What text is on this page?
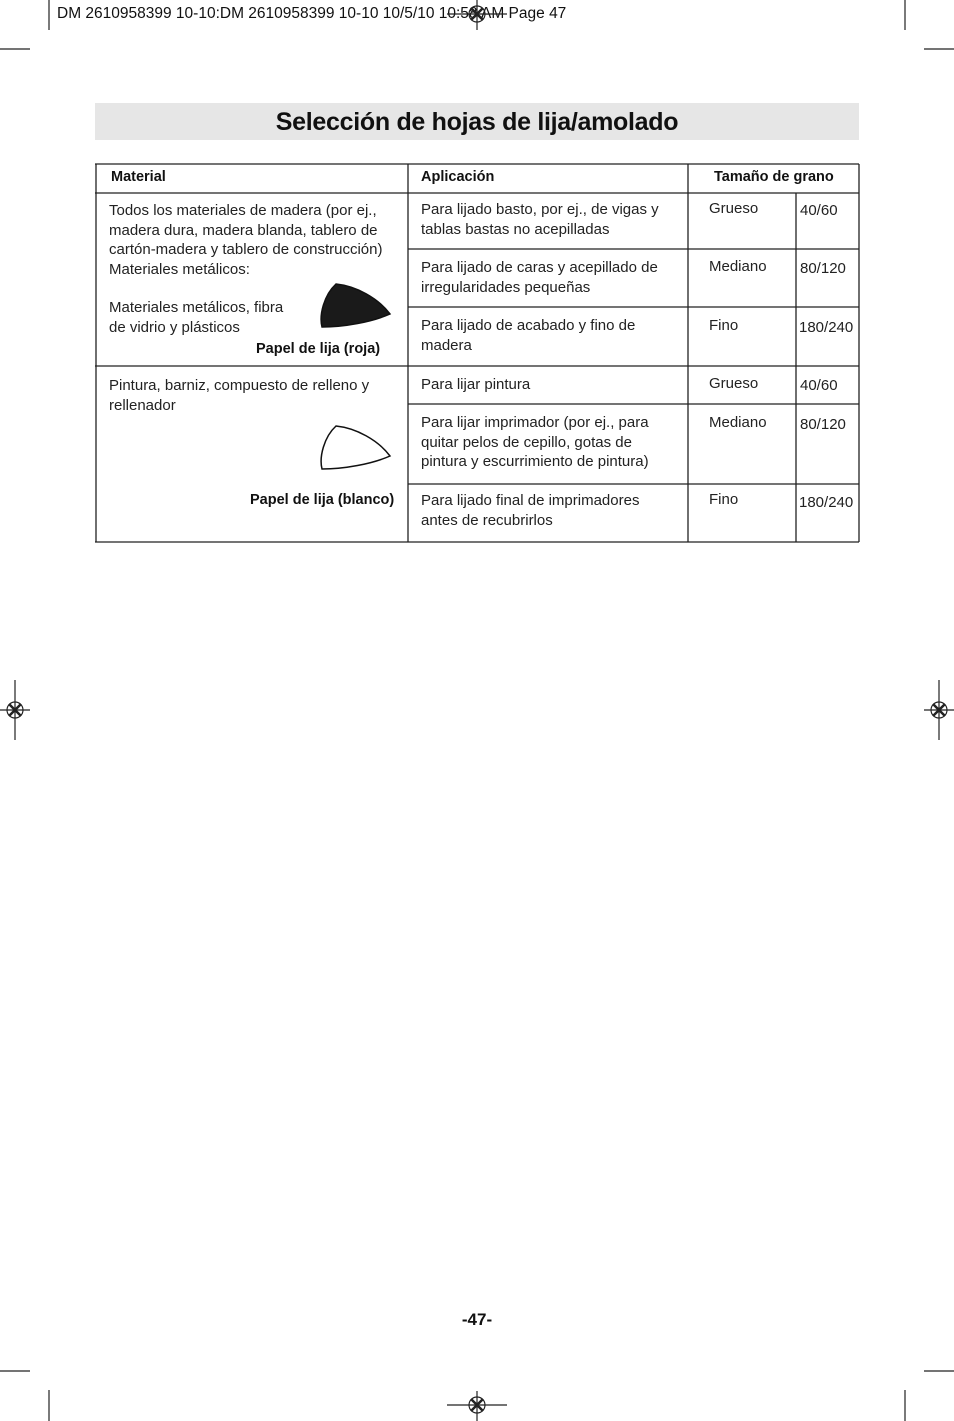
DM 2610958399 10-10:DM 2610958399 10-10 10/5/10 10:58 AM Page 47
Selección de hojas de lija/amolado
Material	Aplicación	Tamaño de grano
Todos los materiales de madera (por ej.,
madera dura, madera blanda, tablero de
cartón-madera y tablero de construcción)
Materiales metálicos:
Materiales metálicos, fibra
de vidrio y plásticos
Papel de lija (roja)
Para lijado basto, por ej., de vigas y
tablas bastas no acepilladas
Grueso	40/60
Para lijado de caras y acepillado de
irregularidades pequeñas
Mediano 80/120
Para lijado de acabado y fino de
madera
Fino	180/240
Pintura, barniz, compuesto de relleno y
rellenador
Papel de lija (blanco)
Para lijar pintura	Grueso	40/60
Para lijar imprimador (por ej., para
quitar pelos de cepillo, gotas de
pintura y escurrimiento de pintura)
Mediano 80/120
Para lijado final de imprimadores
antes de recubrirlos
Fino	180/240
-47-
